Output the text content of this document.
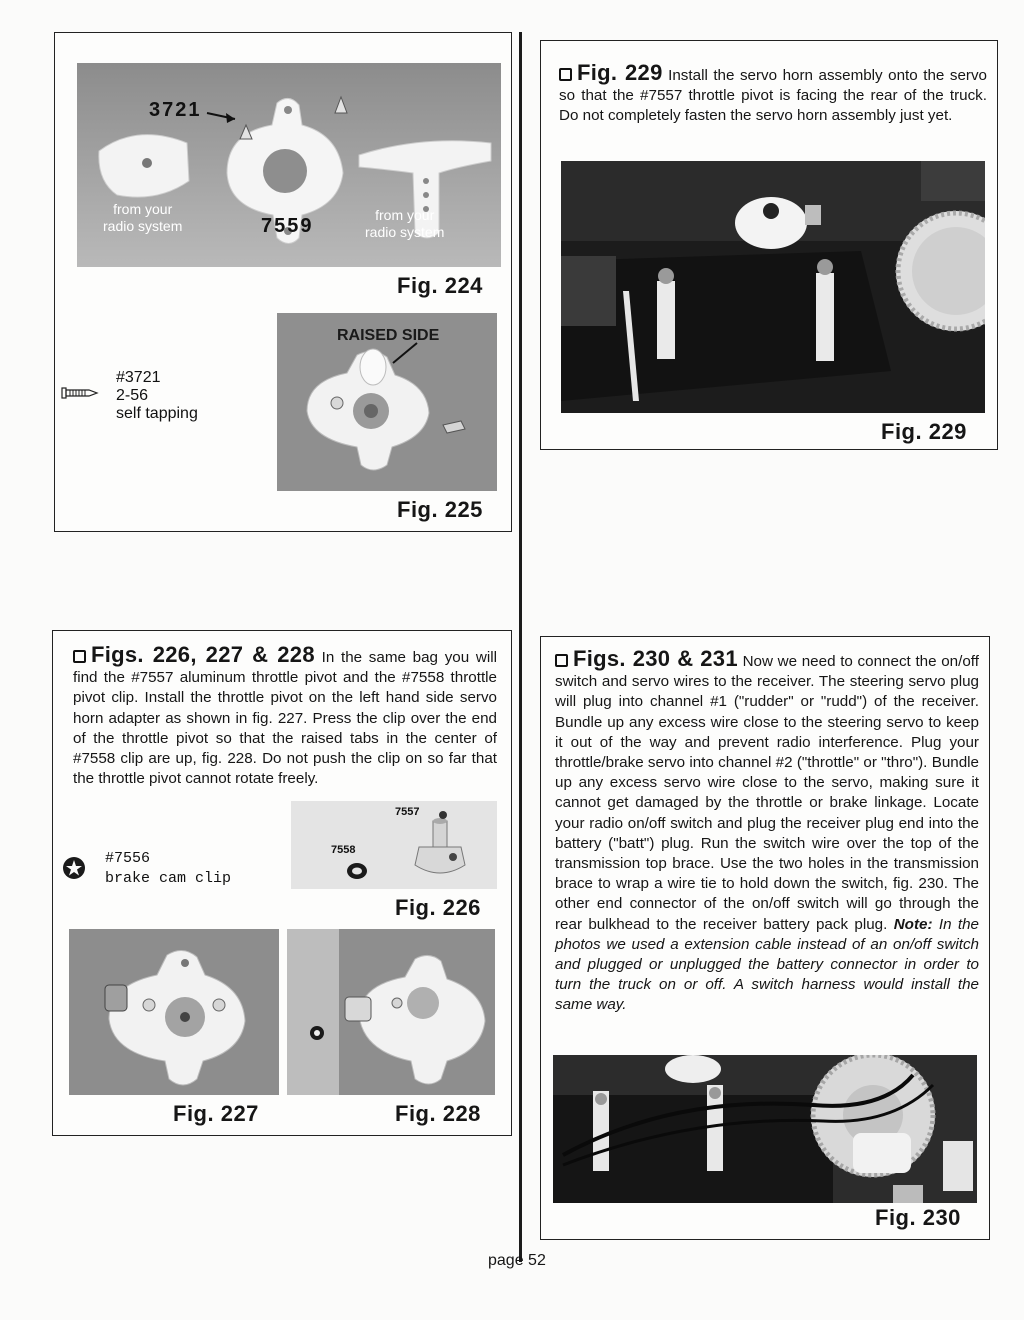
3721
7559
from your
radio system
from your
radio system
Fig. 224
#3721
2-56
self tapping
RAISED SIDE
Fig. 225
Fig. 229 Install the servo horn assembly onto the servo so that the #7557 throttle pivot is facing the rear of the truck. Do not completely fasten the servo horn assembly just yet.
Fig. 229
Figs. 226, 227 & 228 In the same bag you will find the #7557 aluminum throttle pivot and the #7558 throttle pivot clip. Install the throttle pivot on the left hand side servo horn adapter as shown in fig. 227. Press the clip over the end of the throttle pivot so that the raised tabs in the center of #7558 clip are up, fig. 228. Do not push the clip on so far that the throttle pivot cannot rotate freely.
#7556
brake cam clip
7557
7558
Fig. 226
Fig. 227	Fig. 228
Figs. 230 & 231 Now we need to connect the on/off switch and servo wires to the receiver. The steering servo plug will plug into channel #1 ("rudder" or "rudd") of the receiver. Bundle up any excess wire close to the steering servo to keep it out of the way and prevent radio interference. Plug your throttle/brake servo into channel #2 ("throttle" or "thro"). Bundle up any excess servo wire close to the servo, making sure it cannot get damaged by the throttle or brake linkage. Locate your radio on/off switch and plug the receiver plug end into the battery ("batt") plug. Run the switch wire over the top of the transmission top brace. Use the two holes in the transmission brace to wrap a wire tie to hold down the switch, fig. 230. The other end connector of the on/off switch will go through the rear bulkhead to the receiver battery pack plug. Note: In the photos we used a extension cable instead of an on/off switch and plugged or unplugged the battery connector in order to turn the truck on or off. A switch harness would install the same way.
Fig. 230
page 52
